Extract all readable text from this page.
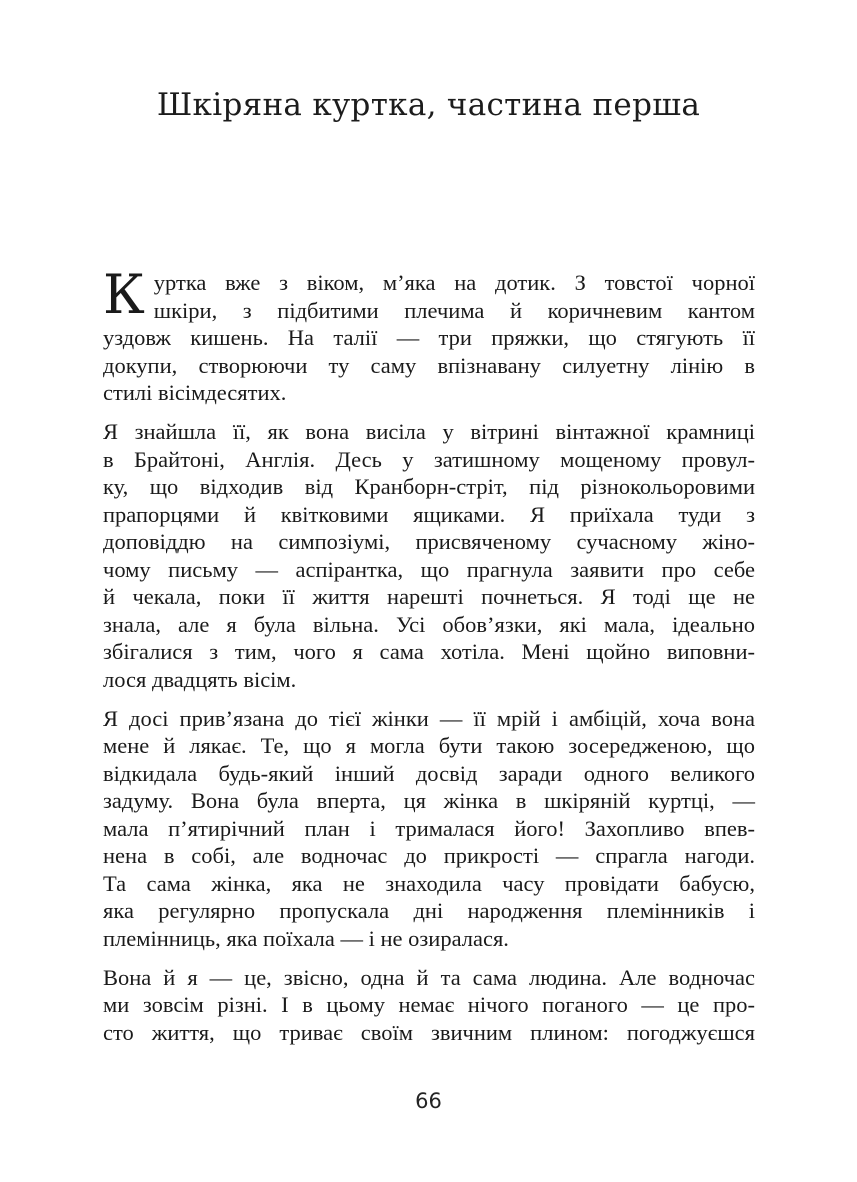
Шкіряна куртка, частина перша
К уртка вже з віком, м’яка на дотик. З товстої чорної
шкіри, з підбитими плечима й коричневим кантом
уздовж кишень. На талії — три пряжки, що стягують її
докупи, створюючи ту саму впізнавану силуетну лінію в
стилі вісімдесятих.
Я знайшла її, як вона висіла у вітрині вінтажної крамниці
в Брайтоні, Англія. Десь у затишному мощеному провул-
ку, що відходив від Кранборн-стріт, під різнокольоровими
прапорцями й квітковими ящиками. Я приїхала туди з
доповіддю на симпозіумі, присвяченому сучасному жіно-
чому письму — аспірантка, що прагнула заявити про себе
й чекала, поки її життя нарешті почнеться. Я тоді ще не
знала, але я була вільна. Усі обов’язки, які мала, ідеально
збігалися з тим, чого я сама хотіла. Мені щойно виповни-
лося двадцять вісім.
Я досі прив’язана до тієї жінки — її мрій і амбіцій, хоча вона
мене й лякає. Те, що я могла бути такою зосередженою, що
відкидала будь-який інший досвід заради одного великого
задуму. Вона була вперта, ця жінка в шкіряній куртці, —
мала п’ятирічний план і трималася його! Захопливо впев-
нена в собі, але водночас до прикрості — спрагла нагоди.
Та сама жінка, яка не знаходила часу провідати бабусю,
яка регулярно пропускала дні народження племінників і
племінниць, яка поїхала — і не озиралася.
Вона й я — це, звісно, одна й та сама людина. Але водночас
ми зовсім різні. І в цьому немає нічого поганого — це про-
сто життя, що триває своїм звичним плином: погоджуєшся
66
